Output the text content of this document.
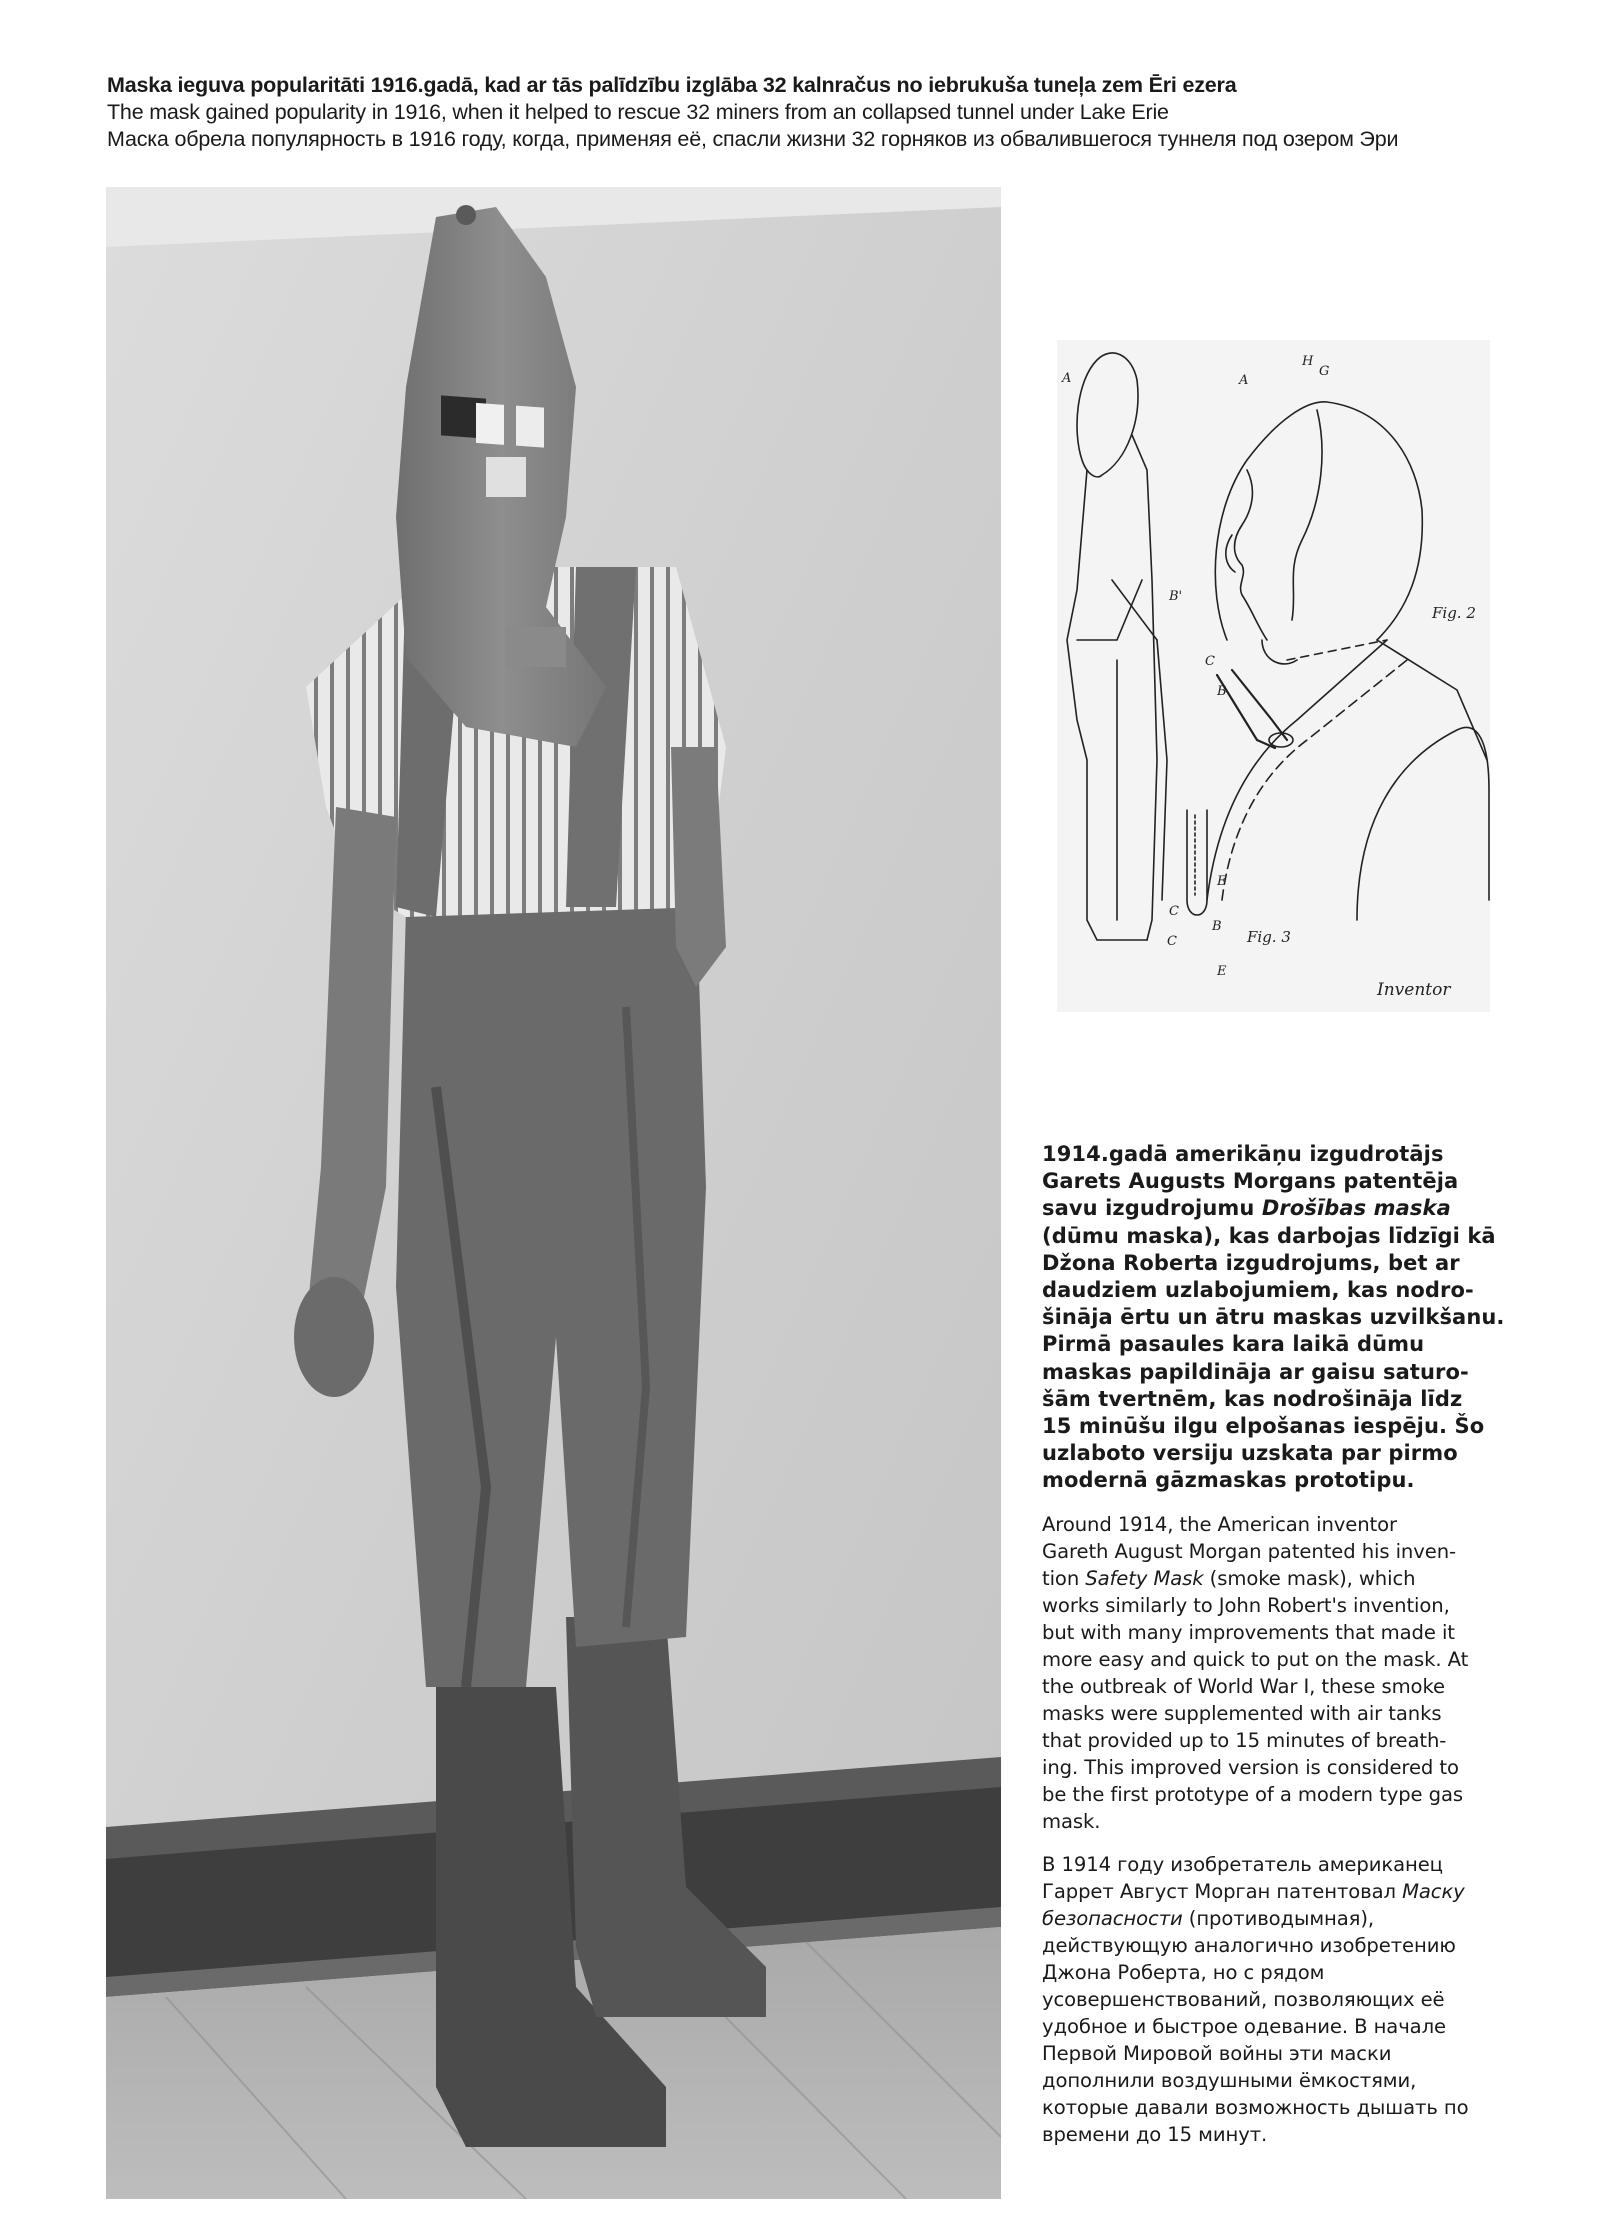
Maska ieguva popularitāti 1916.gadā, kad ar tās palīdzību izglāba 32 kalnračus no iebrukuša tuneļa zem Ēri ezera
The mask gained popularity in 1916, when it helped to rescue 32 miners from an collapsed tunnel under Lake Erie
Маска обрела популярность в 1916 году, когда, применяя её, спасли жизни 32 горняков из обвалившегося туннеля под озером Эри
A	A
H
G
B'
C
B
E
C
B
C
E
Fig. 2
Fig. 3
Inventor
1914.gadā amerikāņu izgudrotājs
Garets Augusts Morgans patentēja
savu izgudrojumu Drošības maska
(dūmu maska), kas darbojas līdzīgi kā
Džona Roberta izgudrojums, bet ar
daudziem uzlabojumiem, kas nodro-
šināja ērtu un ātru maskas uzvilkšanu.
Pirmā pasaules kara laikā dūmu
maskas papildināja ar gaisu saturo-
šām tvertnēm, kas nodrošināja līdz
15 minūšu ilgu elpošanas iespēju. Šo
uzlaboto versiju uzskata par pirmo
modernā gāzmaskas prototipu.
Around 1914, the American inventor
Gareth August Morgan patented his inven-
tion Safety Mask (smoke mask), which
works similarly to John Robert's invention,
but with many improvements that made it
more easy and quick to put on the mask. At
the outbreak of World War I, these smoke
masks were supplemented with air tanks
that provided up to 15 minutes of breath-
ing. This improved version is considered to
be the first prototype of a modern type gas
mask.
В 1914 году изобретатель американец
Гаррет Август Морган патентовал Маску
безопасности (противодымная),
действующую аналогично изобретению
Джона Роберта, но с рядом
усовершенствований, позволяющих её
удобное и быстрое одевание. В начале
Первой Мировой войны эти маски
дополнили воздушными ёмкостями,
которые давали возможность дышать по
времени до 15 минут.
